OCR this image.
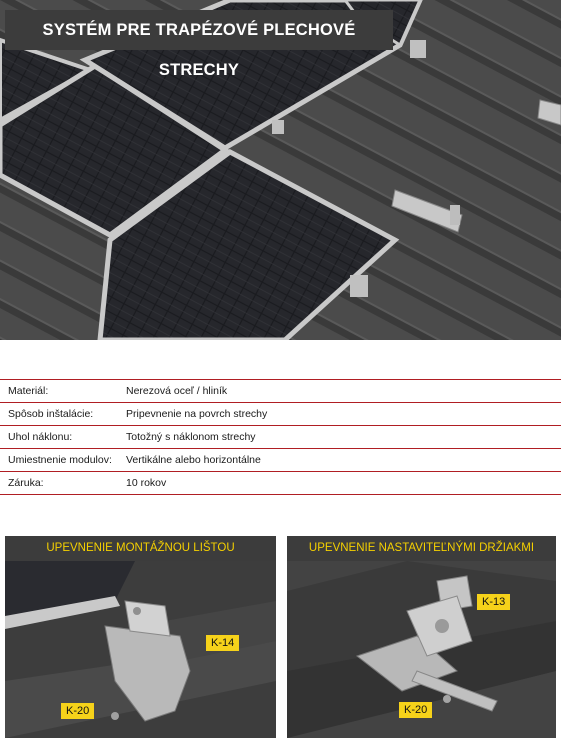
SYSTÉM PRE TRAPÉZOVÉ PLECHOVÉ STRECHY
Materiál:	Nerezová oceľ / hliník
Spôsob inštalácie:	Pripevnenie na povrch strechy
Uhol náklonu:	Totožný s náklonom strechy
Umiestnenie modulov: Vertikálne alebo horizontálne
Záruka:	10 rokov
UPEVNENIE MONTÁŽNOU LIŠTOU
K-14
K-20
UPEVNENIE NASTAVITEĽNÝMI DRŽIAKMI
K-13
K-20
